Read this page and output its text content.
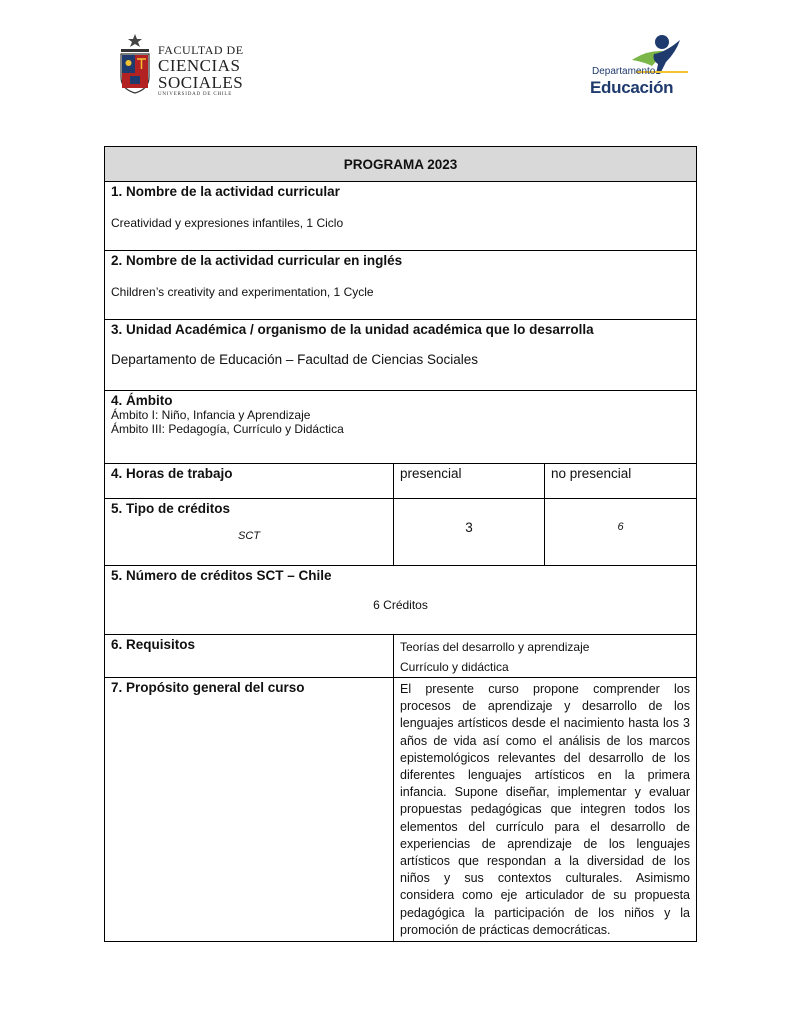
FACULTAD DE
CIENCIAS
SOCIALES
UNIVERSIDAD DE CHILE
Departamento
Educación
PROGRAMA 2023		

1. Nombre de la actividad curricular
Creatividad y expresiones infantiles, 1 Ciclo		

2. Nombre de la actividad curricular en inglés
Children’s creativity and experimentation, 1 Cycle		

3. Unidad Académica / organismo de la unidad académica que lo desarrolla
Departamento de Educación – Facultad de Ciencias Sociales		

4. Ámbito
Ámbito I: Niño, Infancia y Aprendizaje
Ámbito III: Pedagogía, Currículo y Didáctica		

4. Horas de trabajo	presencial	no presencial

5. Tipo de créditos
SCT	3	6

5. Número de créditos SCT – Chile
6 Créditos		

6. Requisitos	Teorías del desarrollo y aprendizaje
Currículo y didáctica	

7. Propósito general del curso	El presente curso propone comprender los procesos de aprendizaje y desarrollo de los lenguajes artísticos desde el nacimiento hasta los 3 años de vida así como el análisis de los marcos epistemológicos relevantes del desarrollo de los diferentes lenguajes artísticos en la primera infancia. Supone diseñar, implementar y evaluar propuestas pedagógicas que integren todos los elementos del currículo para el desarrollo de experiencias de aprendizaje de los lenguajes artísticos que respondan a la diversidad de los niños y sus contextos culturales. Asimismo considera como eje articulador de su propuesta pedagógica la participación de los niños y la promoción de prácticas democráticas.	
